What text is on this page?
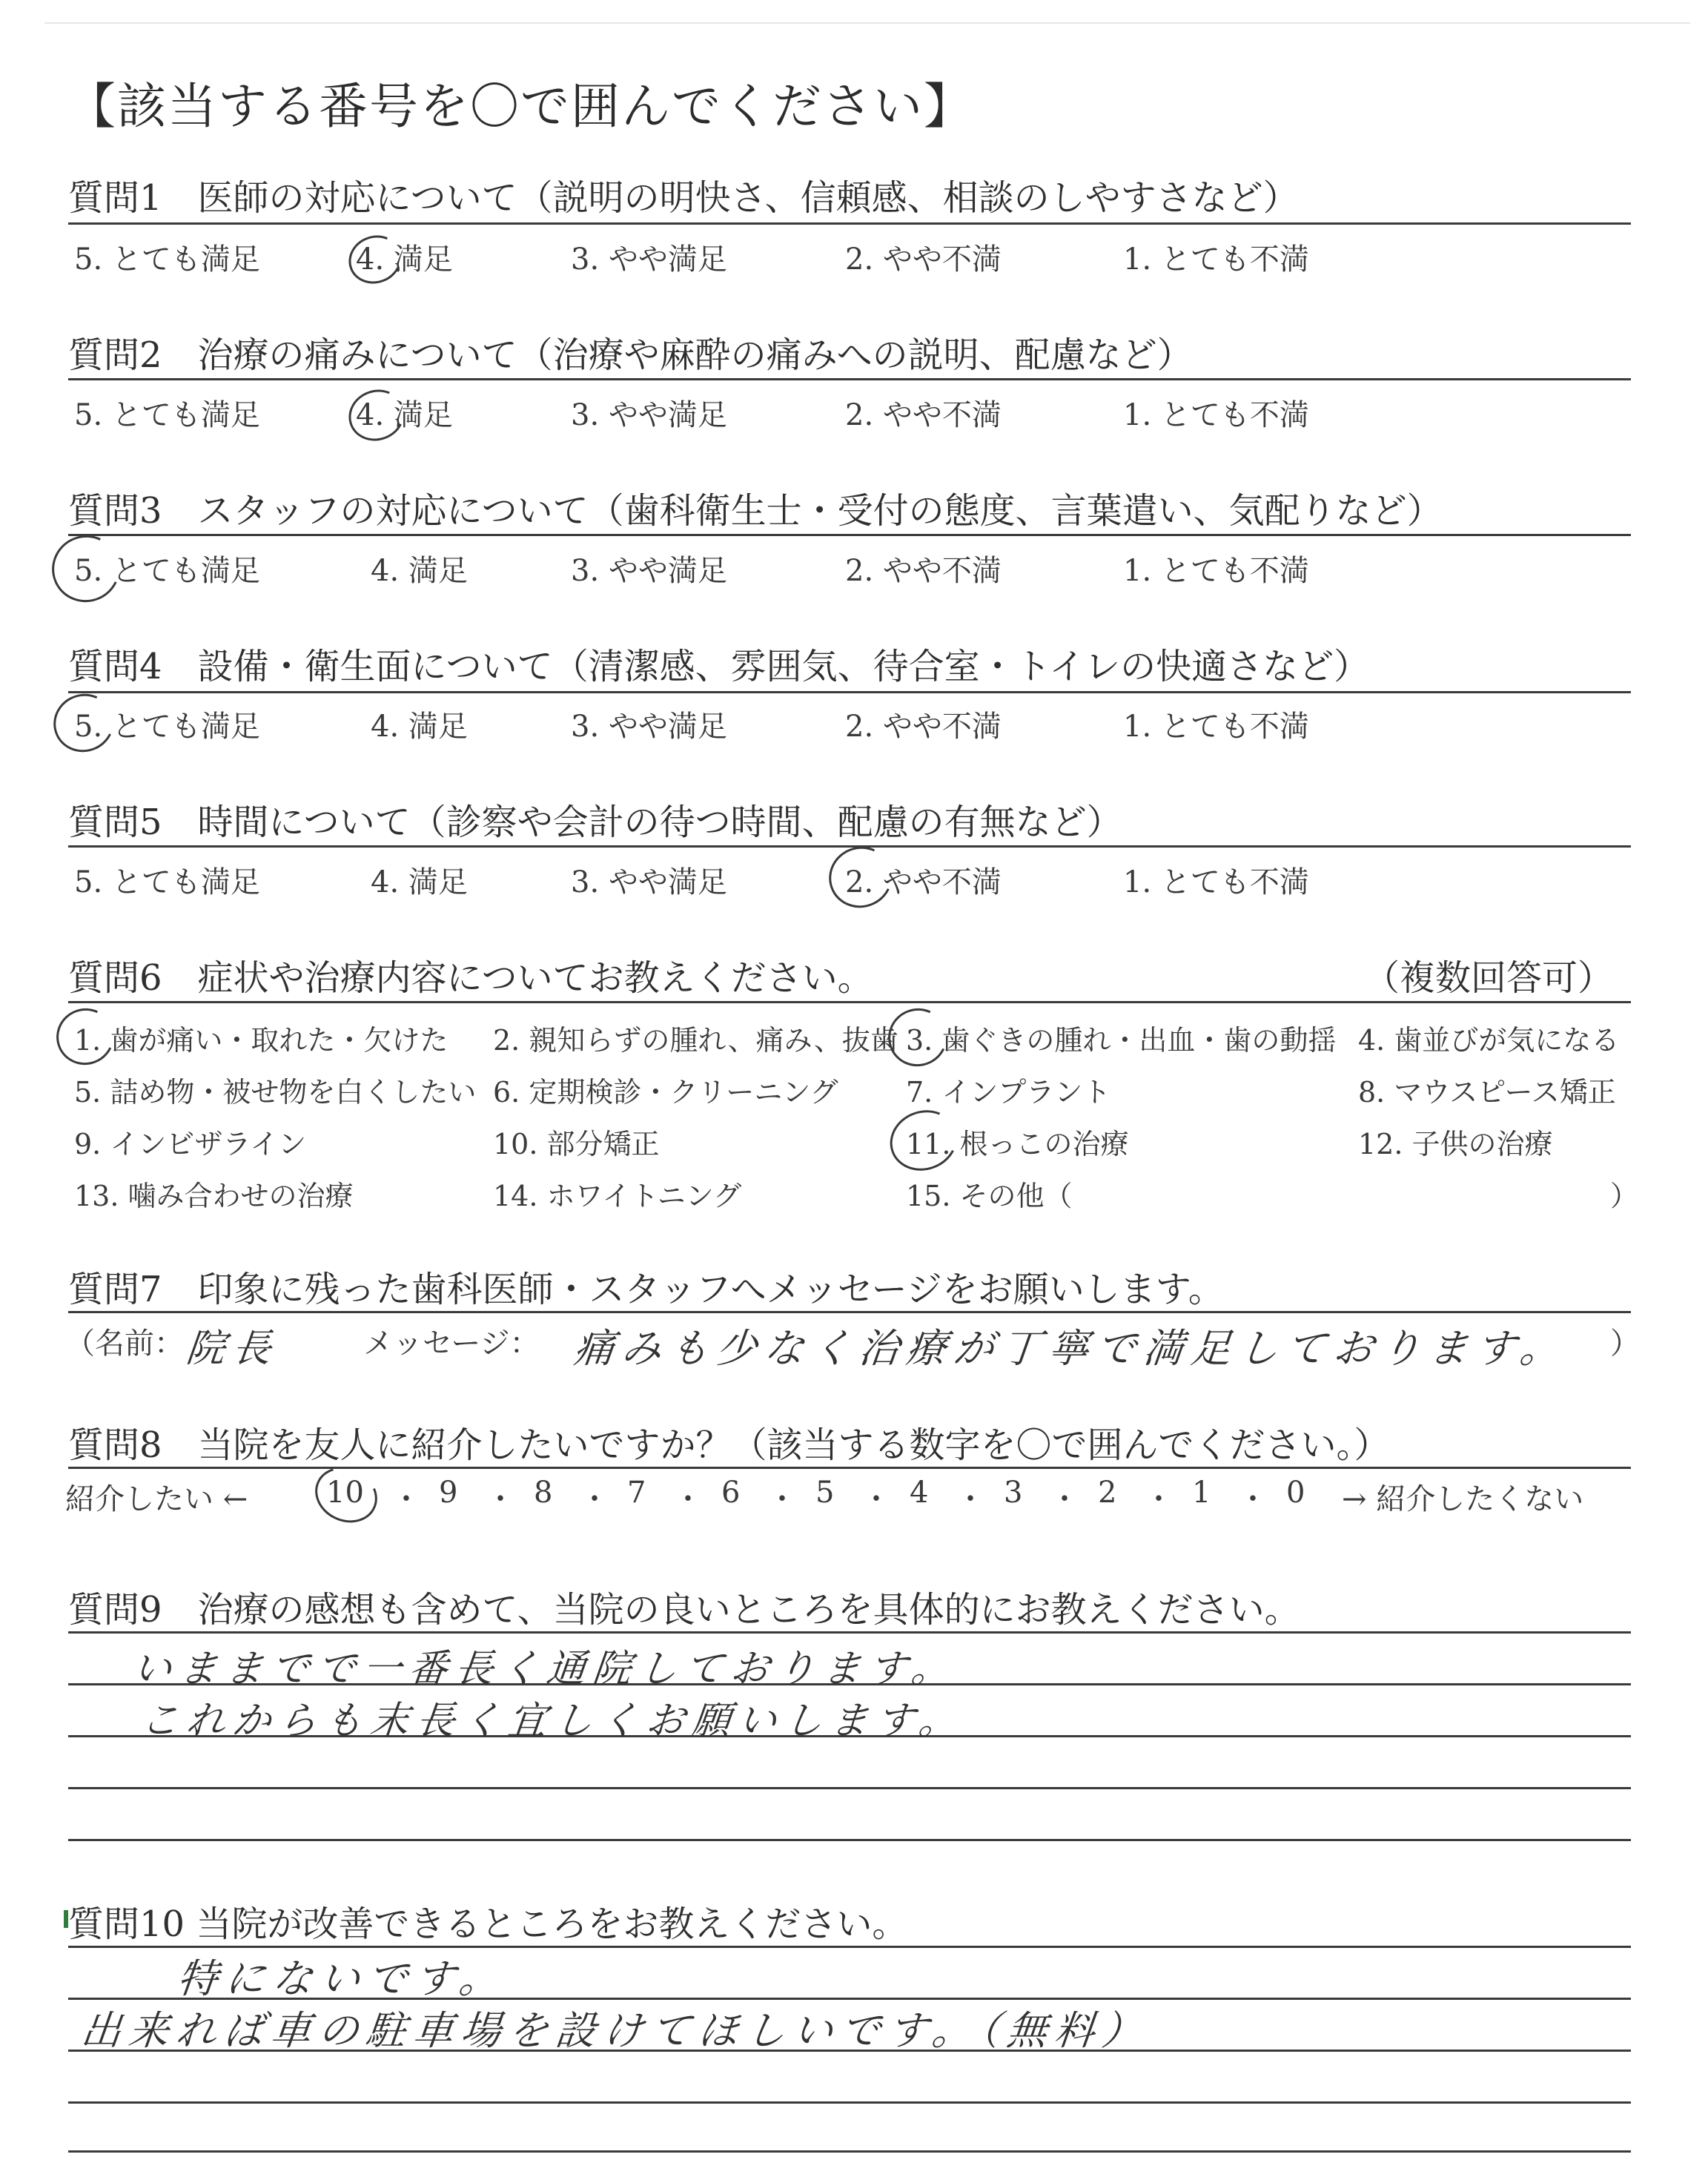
【該当する番号を〇で囲んでください】
質問1　医師の対応について（説明の明快さ、信頼感、相談のしやすさなど）
5. とても満足	4. 満足	3. やや満足	2. やや不満	1. とても不満
質問2　治療の痛みについて（治療や麻酔の痛みへの説明、配慮など）
5. とても満足	4. 満足	3. やや満足	2. やや不満	1. とても不満
質問3　スタッフの対応について（歯科衛生士・受付の態度、言葉遣い、気配りなど）
5. とても満足	4. 満足	3. やや満足	2. やや不満	1. とても不満
質問4　設備・衛生面について（清潔感、雰囲気、待合室・トイレの快適さなど）
5. とても満足	4. 満足	3. やや満足	2. やや不満	1. とても不満
質問5　時間について（診察や会計の待つ時間、配慮の有無など）
5. とても満足	4. 満足	3. やや満足	2. やや不満	1. とても不満
質問6　症状や治療内容についてお教えください。	（複数回答可）
1. 歯が痛い・取れた・欠けた 2. 親知らずの腫れ、痛み、抜歯 3. 歯ぐきの腫れ・出血・歯の動揺 4. 歯並びが気になる
5. 詰め物・被せ物を白くしたい 6. 定期検診・クリーニング 7. インプラント	8. マウスピース矯正
9. インビザライン	10. 部分矯正	11. 根っこの治療	12. 子供の治療
13. 噛み合わせの治療	14. ホワイトニング	15. その他（	）
質問7　印象に残った歯科医師・スタッフへメッセージをお願いします。
（名前： 院長	メッセージ： 痛みも少なく治療が丁寧で満足しております。 ）
質問8　当院を友人に紹介したいですか？（該当する数字を〇で囲んでください。）
紹介したい ←	10 ・ 9 ・ 8 ・ 7 ・ 6 ・ 5 ・ 4 ・ 3 ・ 2 ・ 1 ・ 0 → 紹介したくない
質問9　治療の感想も含めて、当院の良いところを具体的にお教えください。
いままでで一番長く通院しております。
これからも末長く宜しくお願いします。
質問10 当院が改善できるところをお教えください。
特にないです。
出来れば車の駐車場を設けてほしいです。（無料）
